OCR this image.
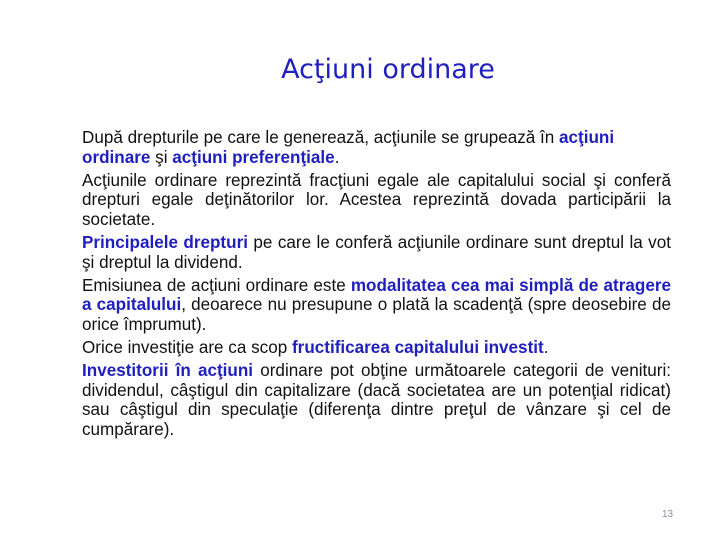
Acţiuni ordinare

După drepturile pe care le generează, acţiunile se grupează în acţiuni ordinare şi acţiuni preferenţiale.

Acţiunile ordinare reprezintă fracţiuni egale ale capitalului social şi conferă drepturi egale deţinătorilor lor. Acestea reprezintă dovada participării la societate.

Principalele drepturi pe care le conferă acţiunile ordinare sunt dreptul la vot şi dreptul la dividend.

Emisiunea de acţiuni ordinare este modalitatea cea mai simplă de atragere a capitalului, deoarece nu presupune o plată la scadenţă (spre deosebire de orice împrumut).

Orice investiţie are ca scop fructificarea capitalului investit.

Investitorii în acţiuni ordinare pot obţine următoarele categorii de venituri: dividendul, câştigul din capitalizare (dacă societatea are un potenţial ridicat) sau câştigul din speculaţie (diferenţa dintre preţul de vânzare şi cel de cumpărare).

13
